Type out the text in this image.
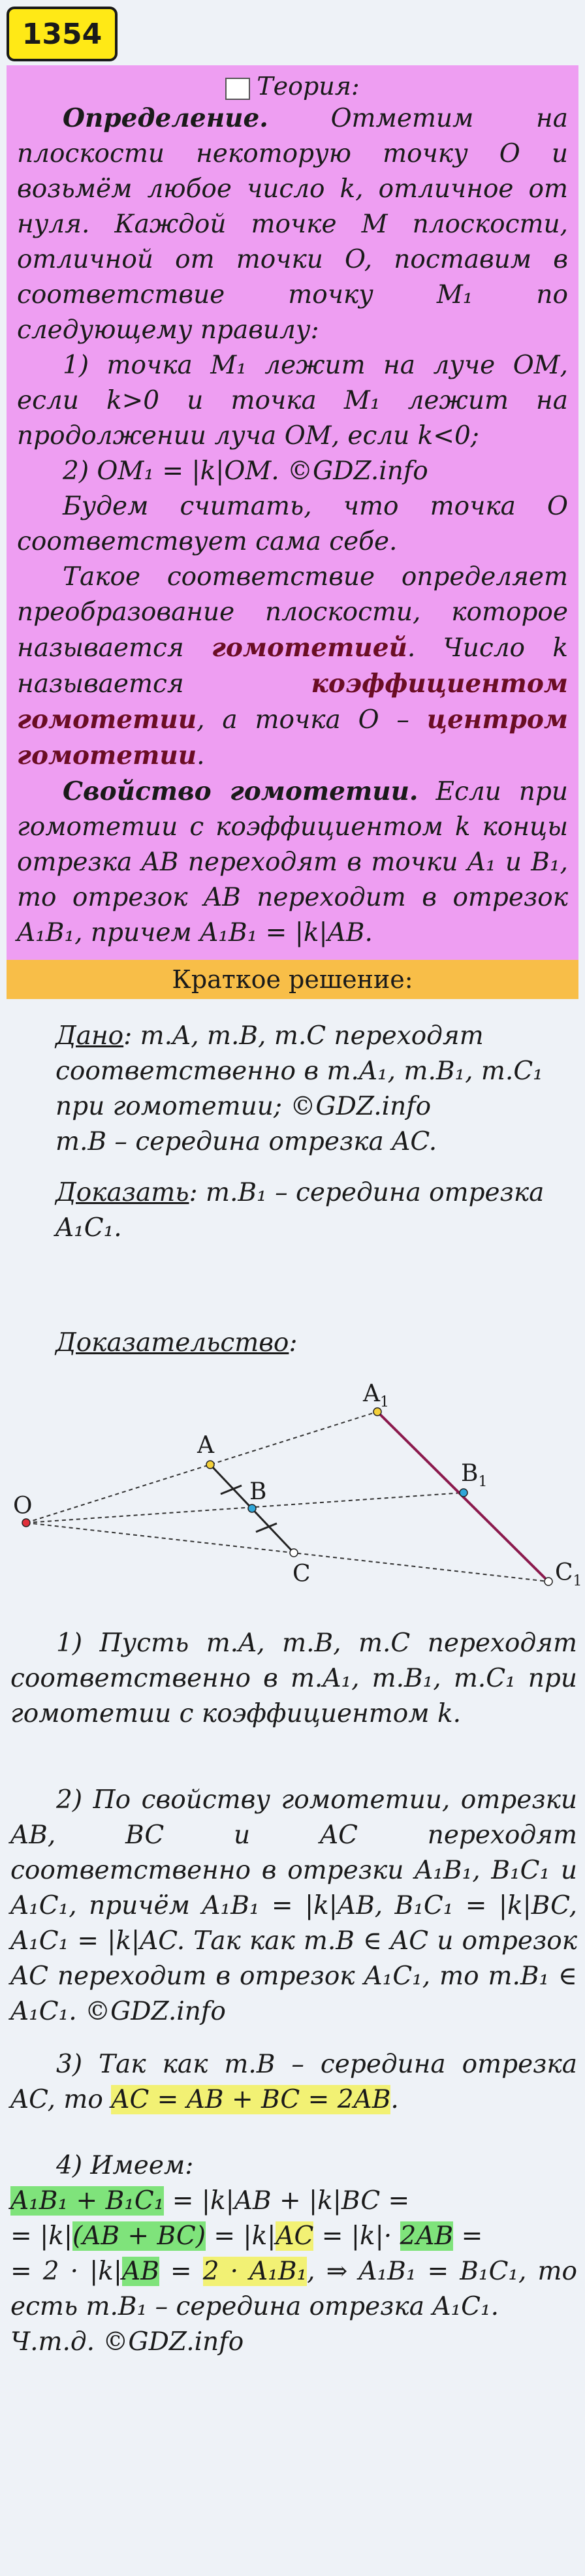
1354
Теория:

Определение. Отметим на плоскости некоторую точку O и возьмём любое число k, отличное от нуля. Каждой точке M плоскости, отличной от точки O, поставим в соответствие точку M₁ по следующему правилу:

1) точка M₁ лежит на луче OM, если k>0 и точка M₁ лежит на продолжении луча OM, если k<0;

2) OM₁ = |k|OM. ©GDZ.info

Будем считать, что точка O соответствует сама себе.

Такое соответствие определяет преобразование плоскости, которое называется гомотетией. Число k называется коэффициентом гомотетии, а точка O – центром гомотетии.

Свойство гомотетии. Если при гомотетии с коэффициентом k концы отрезка AB переходят в точки A₁ и B₁, то отрезок AB переходит в отрезок A₁B₁, причем A₁B₁ = |k|AB.

Краткое решение:
Дано: т.A, т.B, т.C переходят соответственно в т.A₁, т.B₁, т.C₁ при гомотетии; ©GDZ.info
т.B – середина отрезка AC.
Доказать: т.B₁ – середина отрезка A₁C₁.
Доказательство:
O
A
B
C
$A_1$
$B_1$
$C_1$
1) Пусть т.A, т.B, т.C переходят соответственно в т.A₁, т.B₁, т.C₁ при гомотетии с коэффициентом k.
2) По свойству гомотетии, отрезки AB, BC и AC переходят соответственно в отрезки A₁B₁, B₁C₁ и A₁C₁, причём A₁B₁ = |k|AB, B₁C₁ = |k|BC, A₁C₁ = |k|AC. Так как т.B ∈ AC и отрезок AC переходит в отрезок A₁C₁, то т.B₁ ∈ A₁C₁. ©GDZ.info
3) Так как т.B – середина отрезка AC, то AC = AB + BC = 2AB.
4) Имеем:
A₁B₁ + B₁C₁ = |k|AB + |k|BC =
= |k|(AB + BC) = |k|AC = |k|· 2AB =
= 2 · |k|AB = 2 · A₁B₁, ⇒ A₁B₁ = B₁C₁, то есть т.B₁ – середина отрезка A₁C₁.
Ч.т.д. ©GDZ.info
